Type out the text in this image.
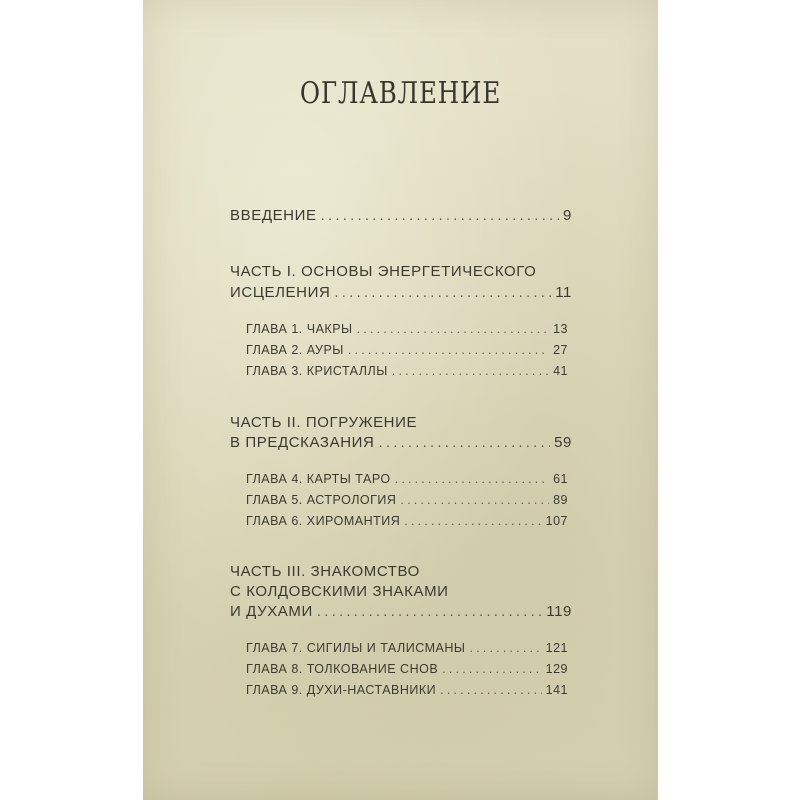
ОГЛАВЛЕНИЕ
ВВЕДЕНИЕ .....	9
ЧАСТЬ I. ОСНОВЫ ЭНЕРГЕТИЧЕСКОГО
ИСЦЕЛЕНИЯ .....	11
ГЛАВА 1. ЧАКРЫ .....	13
ГЛАВА 2. АУРЫ .....	27
ГЛАВА 3. КРИСТАЛЛЫ .....	41
ЧАСТЬ II. ПОГРУЖЕНИЕ
В ПРЕДСКАЗАНИЯ .....	59
ГЛАВА 4. КАРТЫ ТАРО .....	61
ГЛАВА 5. АСТРОЛОГИЯ .....	89
ГЛАВА 6. ХИРОМАНТИЯ .....	107
ЧАСТЬ III. ЗНАКОМСТВО
С КОЛДОВСКИМИ ЗНАКАМИ
И ДУХАМИ .....	119
ГЛАВА 7. СИГИЛЫ И ТАЛИСМАНЫ .....	121
ГЛАВА 8. ТОЛКОВАНИЕ СНОВ .....	129
ГЛАВА 9. ДУХИ-НАСТАВНИКИ .....	141
